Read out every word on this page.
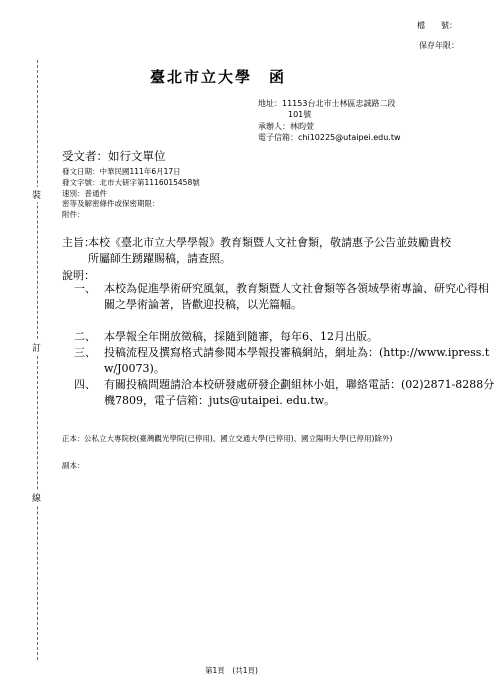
裝
訂
線
檔　　號：
保存年限：
臺北市立大學　函
地址：11153台北市士林區忠誠路二段
101號
承辦人：林昀萱
電子信箱：chi10225@utaipei.edu.tw
受文者：如行文單位
發文日期：中華民國111年6月17日
發文字號：北市大研字第1116015458號
速別：普通件
密等及解密條件或保密期限：
附件：
主旨：
本校《臺北市立大學學報》教育類暨人文社會類，敬請惠予公告並鼓勵貴校所屬師生踴躍賜稿，請查照。
說明：
一、 本校為促進學術研究風氣，教育類暨人文社會類等各領域學術專論、研究心得相關之學術論著，皆歡迎投稿，以光篇幅。
二、 本學報全年開放徵稿，採隨到隨審，每年6、12月出版。
三、 投稿流程及撰寫格式請參閱本學報投審稿網站，網址為：(http://www.ipress.tw/J0073)。
四、 有關投稿問題請洽本校研發處研發企劃組林小姐，聯絡電話：(02)2871-8288分機7809，電子信箱：juts@utaipei. edu.tw。
正本： 公私立大專院校(臺灣觀光學院(已停用)、國立交通大學(已停用)、國立陽明大學(已停用)除外)
副本：
第1頁　(共1頁)
